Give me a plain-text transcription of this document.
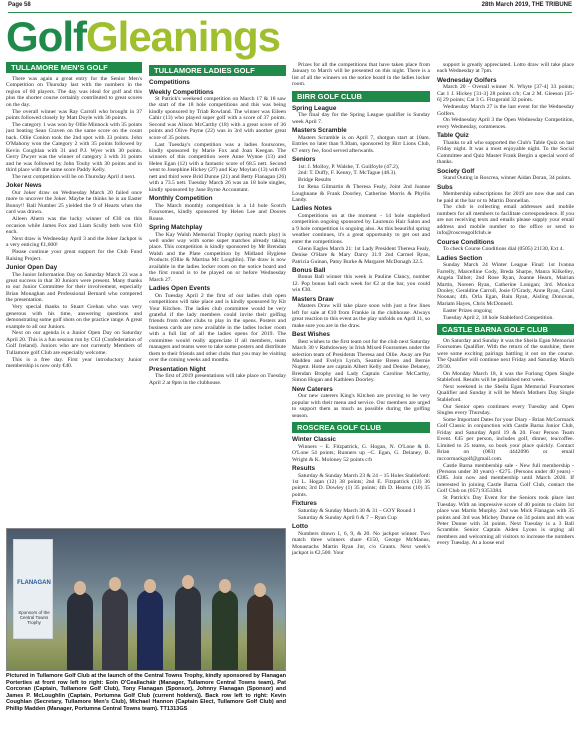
Page 58	28th March 2019, THE TRIBUNE
Golf Gleanings
TULLAMORE MEN'S GOLF

There was again a great entry for the Senior Men's Competition on Thursday last with the numbers in the region of 60 players. The day was ideal for golf and this plus the shorter course certainly contributed to great scores on the day.

The overall winner was Ray Carroll who brought in 37 points followed closely by Matt Doyle with 36 points.

The category 1 was won by Ollie Minnock with 35 points just beating Sean Craven on the same score on the count back. Ollie Conlon took the 2nd spot with 33 points. John O'Mahony won the Category 2 with 35 points followed by Kevin Coughlan with 31 and P.J. Wyer with 30 points. Gerry Dwyer was the winner of category 3 with 31 points and he was followed by John Touhy with 30 points and in third place with the same score Paddy Kelly.

The next competition will be on Thursday April 4 next.

Joker News

Our Joker draw on Wednesday March 20 failed once more to uncover the Joker. Maybe he thinks he is an Easter Bunny!! Ball Number 25 yielded the 9 of Hearts when the card was drawn.

Aileen Ahern was the lucky winner of €30 on this occasion while James Fox and Liam Scully both won €10 each.

Next draw is Wednesday April 3 and the Joker Jackpot is a very enticing €1,600!

Please continue your great support for the Club Fund Raising Project.

Junior Open Day

The Junior Information Day on Saturday March 23 was a great success in that 30 Juniors were present. Many thanks to our Junior Committee for their involvement, especially Brian Monaghan and Professional Bernard who compered the presentation.

Very special thanks to Stuart Grehan who was very generous with his time, answering questions and demonstrating some golf shots on the practice range. A great example to all our Juniors.

Next on our agenda is a Junior Open Day on Saturday April 20. This is a fun session run by CGI (Confederation of Golf Ireland). Juniors who are not currently Members of Tullamore golf Club are especially welcome.

This is a free day. First year introductory Junior membership is now only €40.

TULLAMORE LADIES GOLF
Competitions
Weekly Competitions

St Patrick's weekend competition on March 17 & 18 saw the start of the 18 hole competitions and this was being kindly sponsored by Triab Rowland. The winner was Eileen Cahir (13) who played super golf with a score of 37 points. Second was Alison McCarthy (18) with a great score of 36 points and Olive Payne (22) was in 3rd with another great score of 35 points.

Last Tuesday's competition was a ladies fourscores, kindly sponsored by Marie Fox and Joan Keegan. The winners of this competition were Anne Wynne (13) and Helen Egan (12) with a fantastic score of 68.5 nett. Second went to Josephine Hickey (27) and Kay Moylan (13) with 69 nett and third were Brid Dunne (21) and Betty Flanagan (26) with a 73.5 nett. Tuesday March 26 was an 18 hole singles, kindly sponsored by Jane Byrne Accountant.

Monthly Competition

The March monthly competition is a 14 hole Scotch Foursomes, kindly sponsored by Helen Lee and Doores Rouse.

Spring Matchplay

The Kay Walsh Memorial Trophy (spring match play) is well under way with some super matches already taking place. This competition is kindly sponsored by Mr Brendan Walsh and the Plate competition by Midland Hygiene Products (Ollie & Martina Mc Loughlin). The draw is now available in the ladies locker room on the notice board and the first round is to be played on or before Wednesday March 27.

Ladies Open Events

On Tuesday April 2 the first of our ladies club open competitions will take place and is kindly sponsored by Kit Your Kitchen. The ladies club committee would be very grateful if the lady members could invite their golfing friends from other clubs to play in the opens. Posters and business cards are now available in the ladies locker room with a full list of all the ladies opens for 2019. The committee would really appreciate if all members, team managers and teams were to take some posters and distribute them to their friends and other clubs that you may be visiting over the coming weeks and months.

Presentation Night

The first of 2019 presentations will take place on Tuesday April 2 at 8pm in the clubhouse.

FLANAGAN
Sponsors of the Central Towns Trophy
Pictured in Tullamore Golf Club at the launch of the Central Towns Trophy, kindly sponsored by Flanagan Porterties at front row left to right: Eoin O'Ceallacháir (Manager, Tullamore Central Towns team), Pat Corcoran (Captain, Tullamore Golf Club), Tony Flanagan (Sponsor), Johnny Flanagan (Sponsor) and James P. McLoughlin (Captain, Portumna Golf Club (current holders)). Back row left to right: Kevin Coughlan (Secretary, Tullamore Men's Club), Michael Hannon (Captain Elect, Tullamore Golf Club) and Phillip Madden (Manager, Portumna Central Towns team). TT1313GS

Prizes for all the competitions that have taken place from January to March will be presented on this night. There is a list of all the winners on the notice board in the ladies locker room.

BIRR GOLF CLUB
Spring League

The final day for the Spring League qualifier is Sunday week April 7.

Masters Scramble

Masters Scramble is on April 7, shotgun start at 10am. Entries no later than 9.30am, sponsored by Birr Lions Club, €7 entry fee, food served afterwards.

Seniors

1st: J. Molloy, P. Walshe, T. Guilfoyle (47.2),

2nd: T. Duffy, F. Kenny, T. McTague (48.3).

Bridge Results

1st Rena Gilmartin & Theresa Fealy, Joint 2nd Joanne Loughnane & Frank Doorley, Catherine Morris & Phyllis Landy.

Ladies Notes

Competitions on at the moment - 14 hole stapleford competition ongoing sponsored by Laurenzo Hair Salon and a 9 hole competition is ongoing also. As this beautiful spring weather continues, it's a great opportunity to get out and enter the competitions.

Glenn Eagles March 21: 1st Lady President Theresa Fealy, Denise O'Hare & Mary Darcy 31.9 2nd Carmel Ryan, Patricia Guinan, Patsy Burke & Margaret McDonagh 32.5.

Bonus Ball

Bonus Ball winner this week is Pauline Clancy, number 12. Pop bonus ball each week for €2 at the bar, you could win €30.

Masters Draw

Masters Draw will take place soon with just a few lines left for sale at €10 from Frankie in the clubhouse. Always great reaction to this event as the play unfolds on April 11, so make sure you are in the draw.

Best Wishes

Best wishes to the first team out for the club next Saturday March 30 v Rathdowney in Irish Mixed Foursomes under the selection team of Presidents Theresa and Ollie. Away are Pat Madden and Evelyn Lynch, Seamie Breen and Bernie Nugent. Home are captain Albert Kelly and Denise Delaney, Brendan Brophy and Lady Captain Caroline McCarthy, Simon Hogan and Kathleen Doorley.

New Caterers

Our new caterers King's Kitchen are proving to be very popular with their menu and service. Our members are urged to support them as much as possible during the golfing season.

ROSCREA GOLF CLUB
Winter Classic

Winners – E. Fitzpatrick, G. Hogan, N. O'Lone & B. O'Lone 54 points; Runners up –C. Egan, G. Delaney, B. Wright & K. Moloney 52 points c/b

Results

Saturday & Sunday March 23 & 24 – 15 Holes Stableford: 1st L. Hogan (12) 38 points; 2nd E. Fitzpatrick (13) 36 points; 3rd D. Dowley (1) 35 points; 4th D. Hearns (10) 35 points.

Fixtures

Saturday & Sunday March 30 & 31 – GOY Round 1

Saturday & Sunday April 6 & 7 – Ryan Cup

Lotto

Numbers drawn 1, 6, 9, & 20. No jackpot winner. Two match three winners share €150, George McManus, Monastachs Martin Ryan Jnr, c/o Grants. Next week's jackpot is €2,500. Your

support is greatly appreciated. Lotto draw will take place each Wednesday at 7pm.

Wednesday Golfers

March 20 - Overall winner N. Whyte [37-4] 33 points; Cat 1 J. Hickey [31-3] 28 points c/b; Cat 2 M. Gleeson [35-6] 29 points; Cat 3 G. Fitzgerald 32 points.

Wednesday March 27 is the last event for the Wednesday Golfers.

On Wednesday April 3 the Open Wednesday Competition, every Wednesday, commences.

Table Quiz

Thanks to all who supported the Club's Table Quiz on last Friday night. It was a most enjoyable night. To the Social Committee and Quiz Master Frank Bergin a special word of thanks.

Society Golf

Stand Outing in Roscrea, winner Aidan Doran, 34 points.

Subs

Membership subscriptions for 2019 are now due and can be paid at the bar or to Martin Donnellan.

The club is collecting email addresses and mobile numbers for all members to facilitate correspondence. If you are not receiving texts and emails please supply your email address and mobile number to the office or send to info@roscreagolfclub.ie

Course Conditions

To check Course Conditions dial (0505) 21130, Ext 4.

Ladies Section

Sunday March 24 Winter League Final: 1st Ivanna Farrelly, Marcelline Cody, Breda Sharpe, Maura Kilkelley, Angela Talbot; 2nd Rose Ryan, Joanne Hearn, Mairian Martin, Noreen Ryan, Catherine Lonigan; 3rd. Monica Dooley, Geraldine Carroll, Josie O'Grady, Anne Ryan, Carol Noonan; 4th. Orla Egan, Bain Ryan, Aisling Donovan, Mariam Hayes, Chris McDonnell.

Easter Prizes ongoing

Tuesday April 2, 18 hole Stableford Competition.

CASTLE BARNA GOLF CLUB

On Saturday and Sunday it was the Sheila Egan Memorial Foursomes Qualifier. With the return of the sunshine, there were some exciting pairings battling it out on the course. The Qualifier will continue next Friday and Saturday March 29/30.

On Monday March 18, it was the Furlong Open Single Stableford. Results will be published next week.

Next weekend is the Sheila Egan Memorial Foursomes Qualifier and Sunday it will be Men's Mothers Day Single Stableford.

Our Senior open continues every Tuesday and Open Singles every Thursday.

Some Important Dates for your Diary - Brian McCormack Golf Classic in conjunction with Castle Barna Junior Club, Friday and Saturday April 19 & 20. Four Person Team Event. €45 per person, includes golf, dinner, tea/coffee. Limited to 25 teams, so book your place quickly. Contact Brian on (083) 4442096 or email mccormackgolf@gmail.com.

Castle Barna membership sale - New full membership - (Persons under 30 years) - €275. (Persons under 40 years) - €385. Join now and membership until March 2020. If interested in joining Castle Barna Golf Club, contact the Golf Club on (057) 9353384.

St Patrick's Day Event for the Seniors took place last Tuesday. With an impressive score of 40 points to claim 1st place was Martin Murphy. 2nd was Mick Flanagan with 35 points and 3rd was Michey Dunne on 34 points and 4th was Peter Dunne with 34 points. Next Tuesday is a 3 Ball Scramble. Senior Captain Aiden Lyons is urging all members and welcoming all visitors to increase the numbers every Tuesday. At a loose end
